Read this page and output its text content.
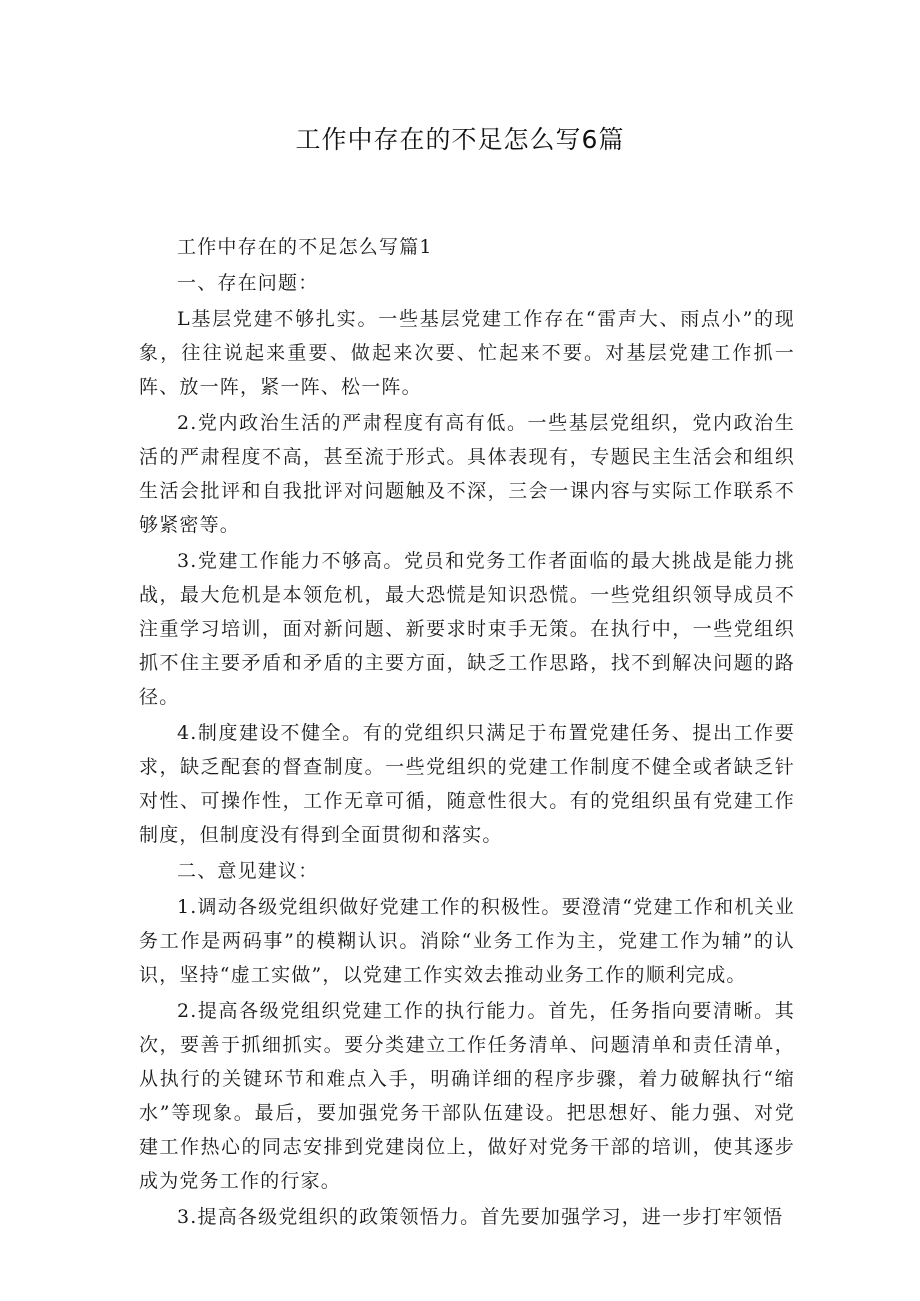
工作中存在的不足怎么写6篇

工作中存在的不足怎么写篇1

一、存在问题：

L基层党建不够扎实。一些基层党建工作存在“雷声大、雨点小”的现象，往往说起来重要、做起来次要、忙起来不要。对基层党建工作抓一阵、放一阵，紧一阵、松一阵。

2.党内政治生活的严肃程度有高有低。一些基层党组织，党内政治生活的严肃程度不高，甚至流于形式。具体表现有，专题民主生活会和组织生活会批评和自我批评对问题触及不深，三会一课内容与实际工作联系不够紧密等。

3.党建工作能力不够高。党员和党务工作者面临的最大挑战是能力挑战，最大危机是本领危机，最大恐慌是知识恐慌。一些党组织领导成员不注重学习培训，面对新问题、新要求时束手无策。在执行中，一些党组织抓不住主要矛盾和矛盾的主要方面，缺乏工作思路，找不到解决问题的路径。

4.制度建设不健全。有的党组织只满足于布置党建任务、提出工作要求，缺乏配套的督查制度。一些党组织的党建工作制度不健全或者缺乏针对性、可操作性，工作无章可循，随意性很大。有的党组织虽有党建工作制度，但制度没有得到全面贯彻和落实。

二、意见建议：

1.调动各级党组织做好党建工作的积极性。要澄清“党建工作和机关业务工作是两码事”的模糊认识。消除“业务工作为主，党建工作为辅”的认识，坚持“虚工实做”，以党建工作实效去推动业务工作的顺利完成。

2.提高各级党组织党建工作的执行能力。首先，任务指向要清晰。其次，要善于抓细抓实。要分类建立工作任务清单、问题清单和责任清单，从执行的关键环节和难点入手，明确详细的程序步骤，着力破解执行“缩水”等现象。最后，要加强党务干部队伍建设。把思想好、能力强、对党建工作热心的同志安排到党建岗位上，做好对党务干部的培训，使其逐步成为党务工作的行家。

3.提高各级党组织的政策领悟力。首先要加强学习，进一步打牢领悟
